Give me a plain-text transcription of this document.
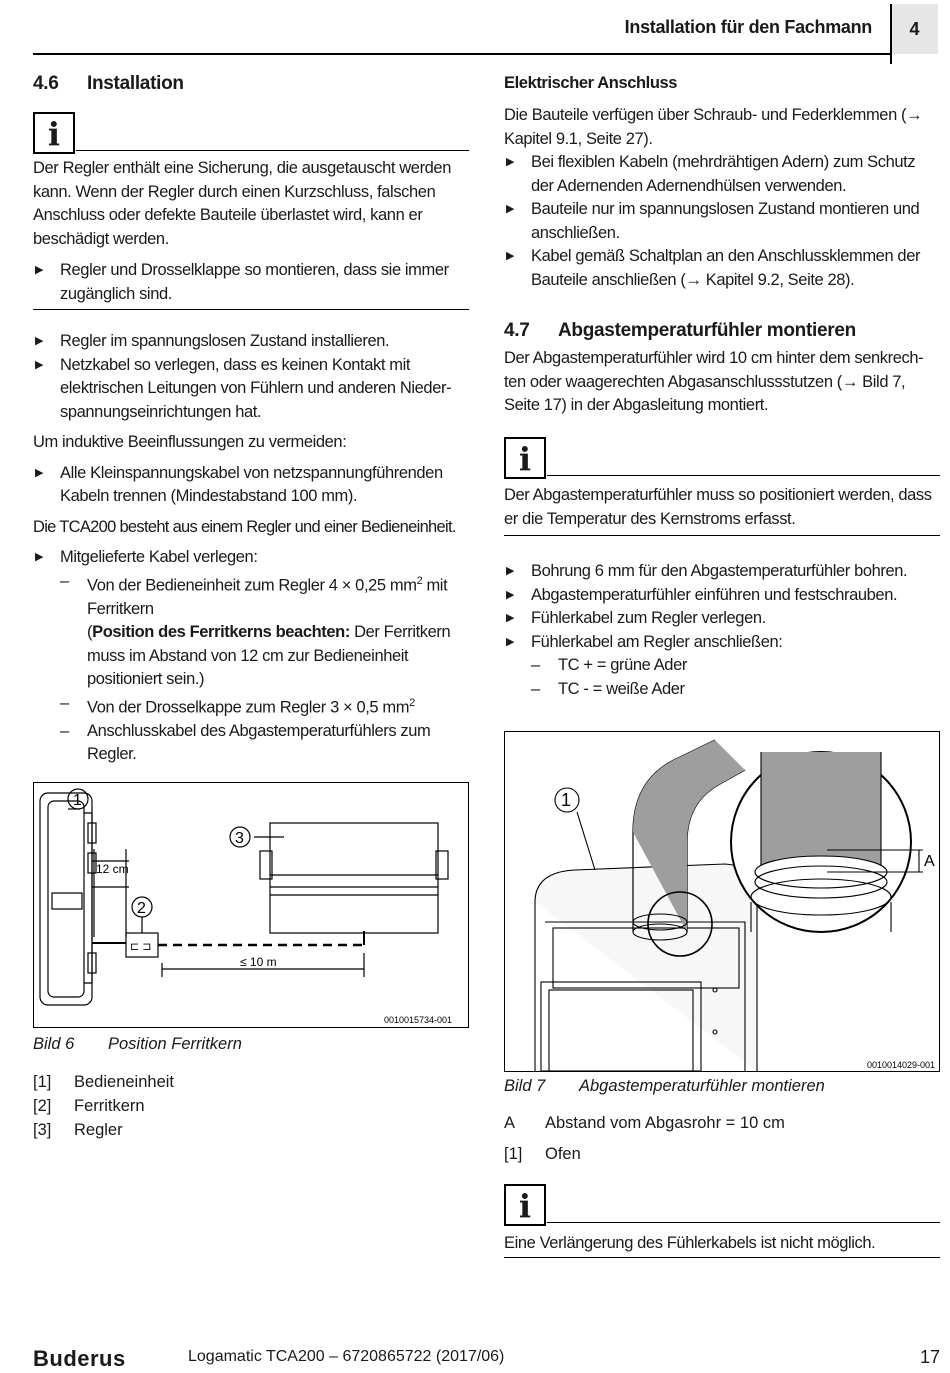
Installation für den Fachmann	4
4.6 Installation
i
Der Regler enthält eine Sicherung, die ausgetauscht werden kann. Wenn der Regler durch einen Kurzschluss, falschen Anschluss oder defekte Bauteile überlastet wird, kann er beschädigt werden.
▶ Regler und Drosselklappe so montieren, dass sie immer zugänglich sind.
▶ Regler im spannungslosen Zustand installieren.
▶ Netzkabel so verlegen, dass es keinen Kontakt mit elektrischen Leitungen von Fühlern und anderen Nieder-spannungseinrichtungen hat.
Um induktive Beeinflussungen zu vermeiden:
▶ Alle Kleinspannungskabel von netzspannungführenden Kabeln trennen (Mindestabstand 100 mm).
Die TCA200 besteht aus einem Regler und einer Bedieneinheit.
▶ Mitgelieferte Kabel verlegen:
– Von der Bedieneinheit zum Regler 4 × 0,25 $mm^2$ mit Ferritkern
(Position des Ferritkerns beachten: Der Ferritkern muss im Abstand von 12 cm zur Bedieneinheit positioniert sein.)
– Von der Drosselkappe zum Regler 3 × 0,5 $mm^2$
– Anschlusskabel des Abgastemperaturfühlers zum Regler.
⊏ ⊐
1
2
3
12 cm
≤ 10 m
0010015734-001
Bild 6 Position Ferritkern
[1] Bedieneinheit
[2] Ferritkern
[3] Regler
Elektrischer Anschluss
Die Bauteile verfügen über Schraub- und Federklemmen (→ Kapitel 9.1, Seite 27).
▶ Bei flexiblen Kabeln (mehrdrähtigen Adern) zum Schutz der Adernenden Adernendhülsen verwenden.
▶ Bauteile nur im spannungslosen Zustand montieren und anschließen.
▶ Kabel gemäß Schaltplan an den Anschlussklemmen der Bauteile anschließen (→ Kapitel 9.2, Seite 28).
4.7 Abgastemperaturfühler montieren
Der Abgastemperaturfühler wird 10 cm hinter dem senkrech-ten oder waagerechten Abgasanschlussstutzen (→ Bild 7, Seite 17) in der Abgasleitung montiert.
i
Der Abgastemperaturfühler muss so positioniert werden, dass er die Temperatur des Kernstroms erfasst.
▶ Bohrung 6 mm für den Abgastemperaturfühler bohren.
▶ Abgastemperaturfühler einführen und festschrauben.
▶ Fühlerkabel zum Regler verlegen.
▶ Fühlerkabel am Regler anschließen:
– TC + = grüne Ader
– TC - = weiße Ader
1
A
0010014029-001
Bild 7 Abgastemperaturfühler montieren
A Abstand vom Abgasrohr = 10 cm
[1] Ofen
i
Eine Verlängerung des Fühlerkabels ist nicht möglich.
Buderus	Logamatic TCA200 – 6720865722 (2017/06)	17
